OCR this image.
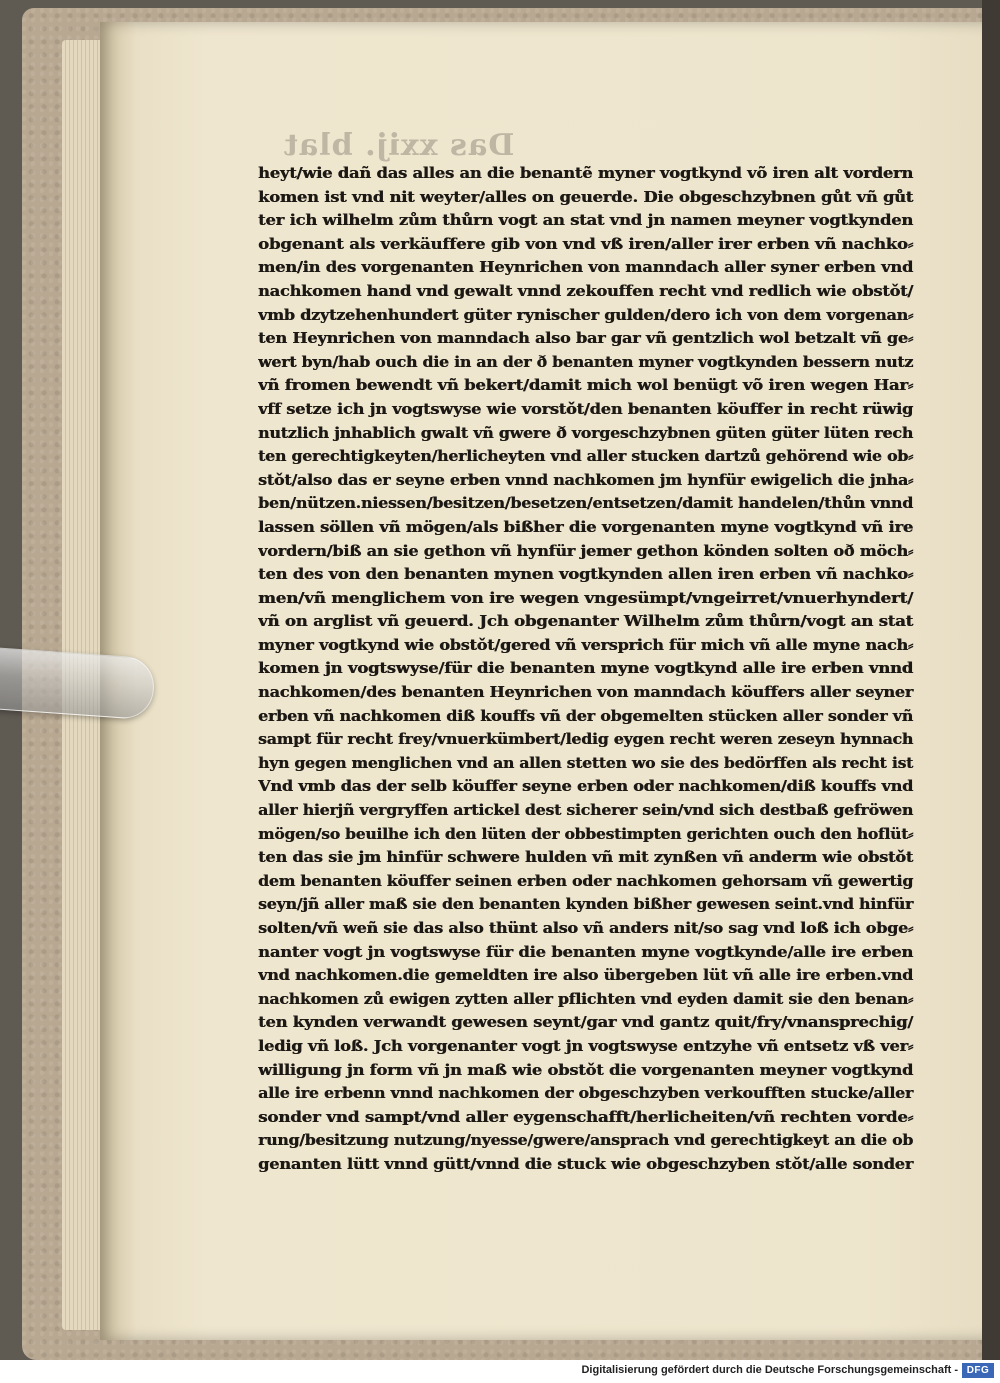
Das xxij. blat
heyt/wie dañ das alles an die benantẽ myner vogtkynd võ iren alt vordern
komen ist vnd nit weyter/alles on geuerde. Die obgeschzybnen gůt vñ gůt
ter ich wilhelm zům thůrn vogt an stat vnd jn namen meyner vogtkynden
obgenant als verkäuffere gib von vnd vß iren/aller irer erben vñ nachko⸗
men/in des vorgenanten Heynrichen von manndach aller syner erben vnd
nachkomen hand vnd gewalt vnnd zekouffen recht vnd redlich wie obstǒt/
vmb dzytzehenhundert güter rynischer gulden/dero ich von dem vorgenan⸗
ten Heynrichen von manndach also bar gar vñ gentzlich wol betzalt vñ ge⸗
wert byn/hab ouch die in an der ð benanten myner vogtkynden bessern nutz
vñ fromen bewendt vñ bekert/damit mich wol benügt võ iren wegen Har⸗
vff setze ich jn vogtswyse wie vorstǒt/den benanten köuffer in recht rüwig
nutzlich jnhablich gwalt vñ gwere ð vorgeschzybnen güten güter lüten rech
ten gerechtigkeyten/herlicheyten vnd aller stucken dartzů gehörend wie ob⸗
stǒt/also das er seyne erben vnnd nachkomen jm hynfür ewigelich die jnha⸗
ben/nützen.niessen/besitzen/besetzen/entsetzen/damit handelen/thůn vnnd
lassen söllen vñ mögen/als bißher die vorgenanten myne vogtkynd vñ ire
vordern/biß an sie gethon vñ hynfür jemer gethon könden solten oð möch⸗
ten des von den benanten mynen vogtkynden allen iren erben vñ nachko⸗
men/vñ menglichem von ire wegen vngesümpt/vngeirret/vnuerhyndert/
vñ on arglist vñ geuerd. Jch obgenanter Wilhelm zům thůrn/vogt an stat
myner vogtkynd wie obstǒt/gered vñ versprich für mich vñ alle myne nach⸗
komen jn vogtswyse/für die benanten myne vogtkynd alle ire erben vnnd
nachkomen/des benanten Heynrichen von manndach köuffers aller seyner
erben vñ nachkomen diß kouffs vñ der obgemelten stücken aller sonder vñ
sampt für recht frey/vnuerkümbert/ledig eygen recht weren zeseyn hynnach
hyn gegen menglichen vnd an allen stetten wo sie des bedörffen als recht ist
Vnd vmb das der selb köuffer seyne erben oder nachkomen/diß kouffs vnd
aller hierjñ vergryffen artickel dest sicherer sein/vnd sich destbaß gefröwen
mögen/so beuilhe ich den lüten der obbestimpten gerichten ouch den hoflüt⸗
ten das sie jm hinfür schwere hulden vñ mit zynßen vñ anderm wie obstǒt
dem benanten köuffer seinen erben oder nachkomen gehorsam vñ gewertig
seyn/jñ aller maß sie den benanten kynden bißher gewesen seint.vnd hinfür
solten/vñ weñ sie das also thünt also vñ anders nit/so sag vnd loß ich obge⸗
nanter vogt jn vogtswyse für die benanten myne vogtkynde/alle ire erben
vnd nachkomen.die gemeldten ire also übergeben lüt vñ alle ire erben.vnd
nachkomen zů ewigen zytten aller pflichten vnd eyden damit sie den benan⸗
ten kynden verwandt gewesen seynt/gar vnd gantz quit/fry/vnansprechig/
ledig vñ loß. Jch vorgenanter vogt jn vogtswyse entzyhe vñ entsetz vß ver⸗
willigung jn form vñ jn maß wie obstǒt die vorgenanten meyner vogtkynd
alle ire erbenn vnnd nachkomen der obgeschzyben verkoufften stucke/aller
sonder vnd sampt/vnd aller eygenschafft/herlicheiten/vñ rechten vorde⸗
rung/besitzung nutzung/nyesse/gwere/ansprach vnd gerechtigkeyt an die ob
genanten lütt vnnd gütt/vnnd die stuck wie obgeschzyben stǒt/alle sonder
Digitalisierung gefördert durch die Deutsche Forschungsgemeinschaft - DFG
